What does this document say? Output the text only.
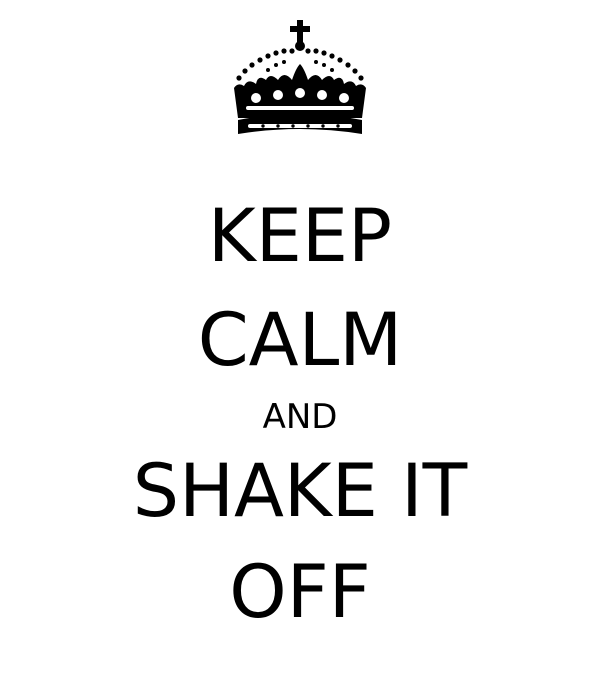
KEEP
CALM
AND
SHAKE IT
OFF
